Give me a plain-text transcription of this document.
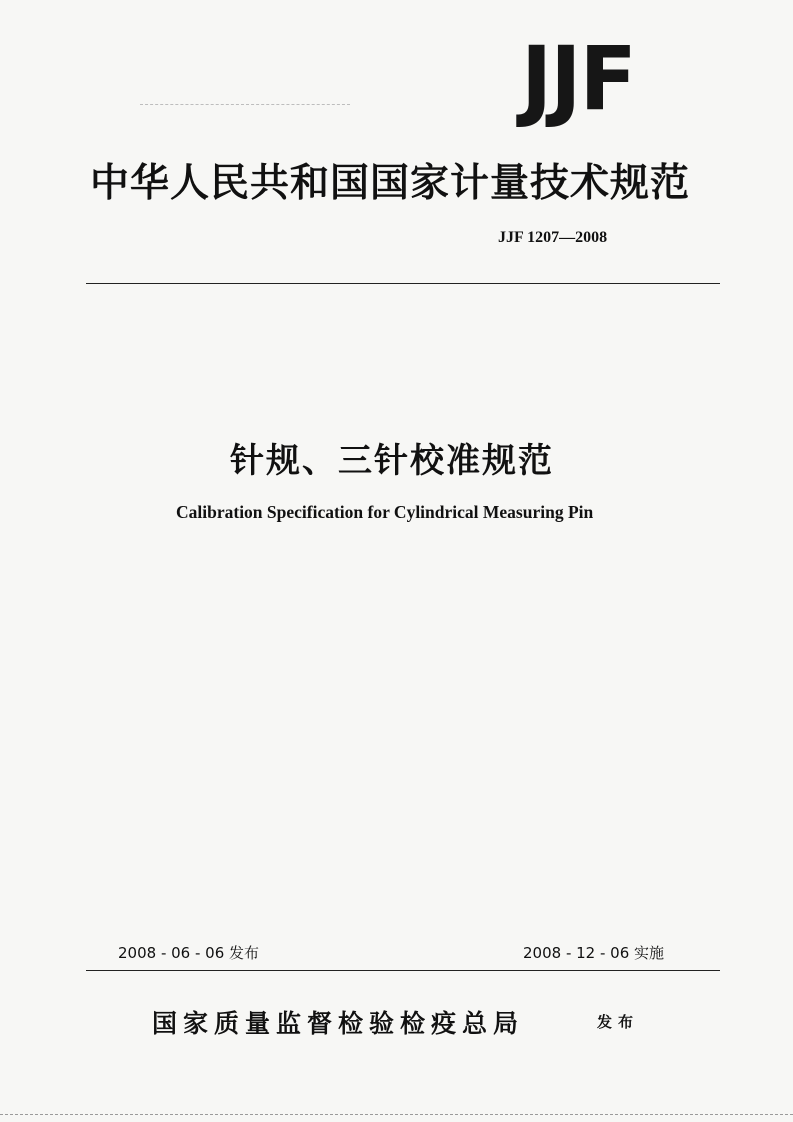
JJF
中华人民共和国国家计量技术规范
JJF 1207—2008
针规、三针校准规范
Calibration Specification for Cylindrical Measuring Pin
2008 - 06 - 06 发布	2008 - 12 - 06 实施
国家质量监督检验检疫总局	发布
